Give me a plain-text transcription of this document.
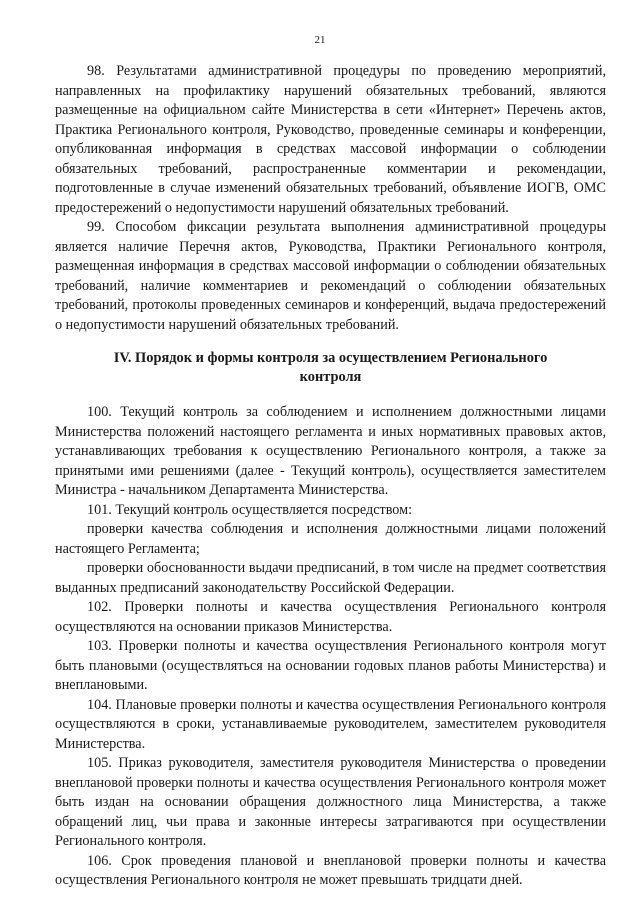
21

98. Результатами административной процедуры по проведению мероприятий, направленных на профилактику нарушений обязательных требований, являются размещенные на официальном сайте Министерства в сети «Интернет» Перечень актов, Практика Регионального контроля, Руководство, проведенные семинары и конференции, опубликованная информация в средствах массовой информации о соблюдении обязательных требований, распространенные комментарии и рекомендации, подготовленные в случае изменений обязательных требований, объявление ИОГВ, ОМС предостережений о недопустимости нарушений обязательных требований.

99. Способом фиксации результата выполнения административной процедуры является наличие Перечня актов, Руководства, Практики Регионального контроля, размещенная информация в средствах массовой информации о соблюдении обязательных требований, наличие комментариев и рекомендаций о соблюдении обязательных требований, протоколы проведенных семинаров и конференций, выдача предостережений о недопустимости нарушений обязательных требований.

IV. Порядок и формы контроля за осуществлением Регионального контроля

100. Текущий контроль за соблюдением и исполнением должностными лицами Министерства положений настоящего регламента и иных нормативных правовых актов, устанавливающих требования к осуществлению Регионального контроля, а также за принятыми ими решениями (далее - Текущий контроль), осуществляется заместителем Министра - начальником Департамента Министерства.

101. Текущий контроль осуществляется посредством:

проверки качества соблюдения и исполнения должностными лицами положений настоящего Регламента;

проверки обоснованности выдачи предписаний, в том числе на предмет соответствия выданных предписаний законодательству Российской Федерации.

102. Проверки полноты и качества осуществления Регионального контроля осуществляются на основании приказов Министерства.

103. Проверки полноты и качества осуществления Регионального контроля могут быть плановыми (осуществляться на основании годовых планов работы Министерства) и внеплановыми.

104. Плановые проверки полноты и качества осуществления Регионального контроля осуществляются в сроки, устанавливаемые руководителем, заместителем руководителя Министерства.

105. Приказ руководителя, заместителя руководителя Министерства о проведении внеплановой проверки полноты и качества осуществления Регионального контроля может быть издан на основании обращения должностного лица Министерства, а также обращений лиц, чьи права и законные интересы затрагиваются при осуществлении Регионального контроля.

106. Срок проведения плановой и внеплановой проверки полноты и качества осуществления Регионального контроля не может превышать тридцати дней.
